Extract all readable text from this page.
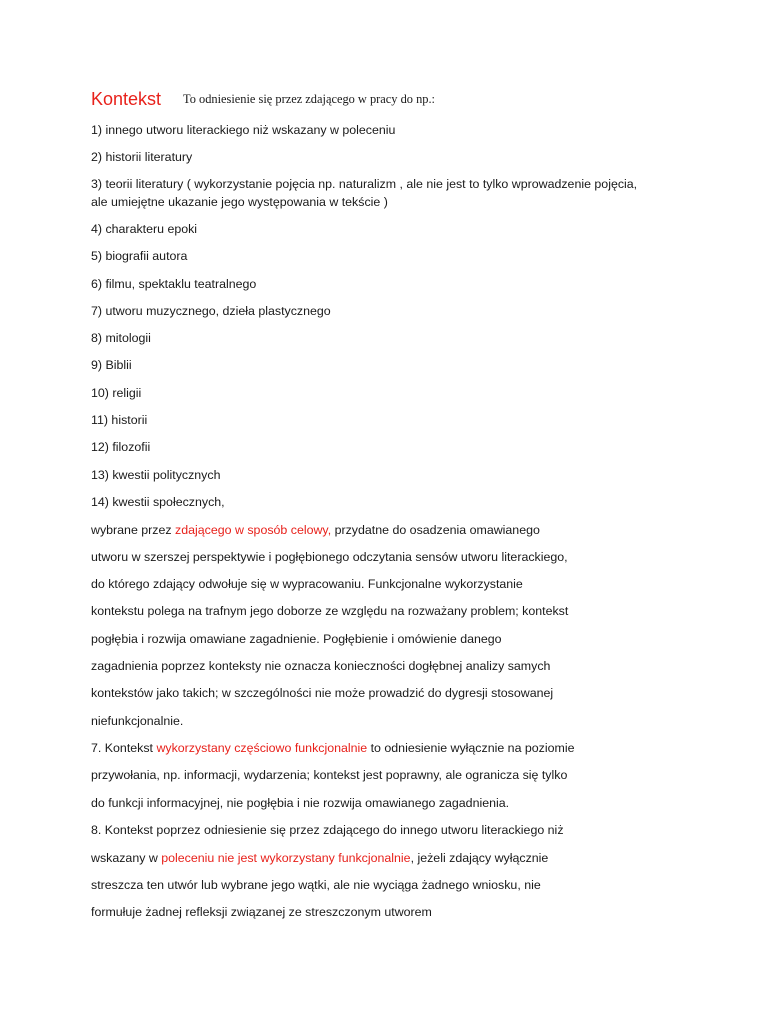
Kontekst To odniesienie się przez zdającego w pracy do np.:
1) innego utworu literackiego niż wskazany w poleceniu
2) historii literatury
3) teorii literatury ( wykorzystanie pojęcia np. naturalizm , ale nie jest to tylko wprowadzenie pojęcia,
ale umiejętne ukazanie jego występowania w tekście )
4) charakteru epoki
5) biografii autora
6) filmu, spektaklu teatralnego
7) utworu muzycznego, dzieła plastycznego
8) mitologii
9) Biblii
10) religii
11) historii
12) filozofii
13) kwestii politycznych
14) kwestii społecznych,
wybrane przez zdającego w sposób celowy, przydatne do osadzenia omawianego
utworu w szerszej perspektywie i pogłębionego odczytania sensów utworu literackiego,
do którego zdający odwołuje się w wypracowaniu. Funkcjonalne wykorzystanie
kontekstu polega na trafnym jego doborze ze względu na rozważany problem; kontekst
pogłębia i rozwija omawiane zagadnienie. Pogłębienie i omówienie danego
zagadnienia poprzez konteksty nie oznacza konieczności dogłębnej analizy samych
kontekstów jako takich; w szczególności nie może prowadzić do dygresji stosowanej
niefunkcjonalnie.
7. Kontekst wykorzystany częściowo funkcjonalnie to odniesienie wyłącznie na poziomie
przywołania, np. informacji, wydarzenia; kontekst jest poprawny, ale ogranicza się tylko
do funkcji informacyjnej, nie pogłębia i nie rozwija omawianego zagadnienia.
8. Kontekst poprzez odniesienie się przez zdającego do innego utworu literackiego niż
wskazany w poleceniu nie jest wykorzystany funkcjonalnie, jeżeli zdający wyłącznie
streszcza ten utwór lub wybrane jego wątki, ale nie wyciąga żadnego wniosku, nie
formułuje żadnej refleksji związanej ze streszczonym utworem
